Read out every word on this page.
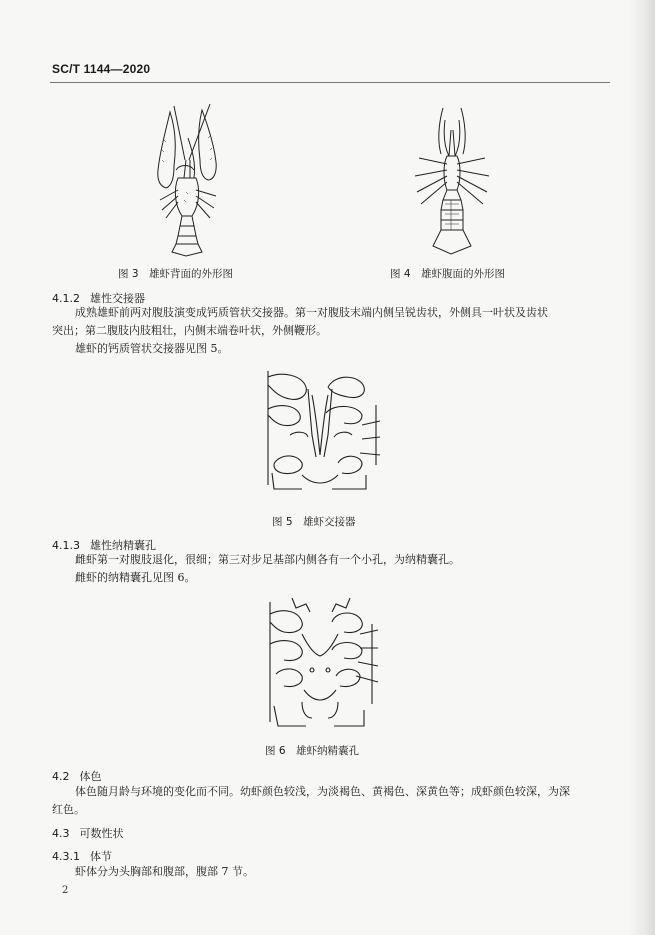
SC/T 1144—2020
图 3　雄虾背面的外形图	图 4　雄虾腹面的外形图
4.1.2 雄性交接器
成熟雄虾前两对腹肢演变成钙质管状交接器。第一对腹肢末端内侧呈锐齿状，外侧具一叶状及齿状
突出；第二腹肢内肢粗壮，内侧末端卷叶状，外侧鞭形。
雄虾的钙质管状交接器见图 5。
图 5　雄虾交接器
4.1.3 雄性纳精囊孔
雌虾第一对腹肢退化，很细；第三对步足基部内侧各有一个小孔，为纳精囊孔。
雌虾的纳精囊孔见图 6。
图 6　雄虾纳精囊孔
4.2 体色
体色随月龄与环境的变化而不同。幼虾颜色较浅，为淡褐色、黄褐色、深黄色等；成虾颜色较深，为深
红色。
4.3 可数性状
4.3.1 体节
虾体分为头胸部和腹部，腹部 7 节。
2
